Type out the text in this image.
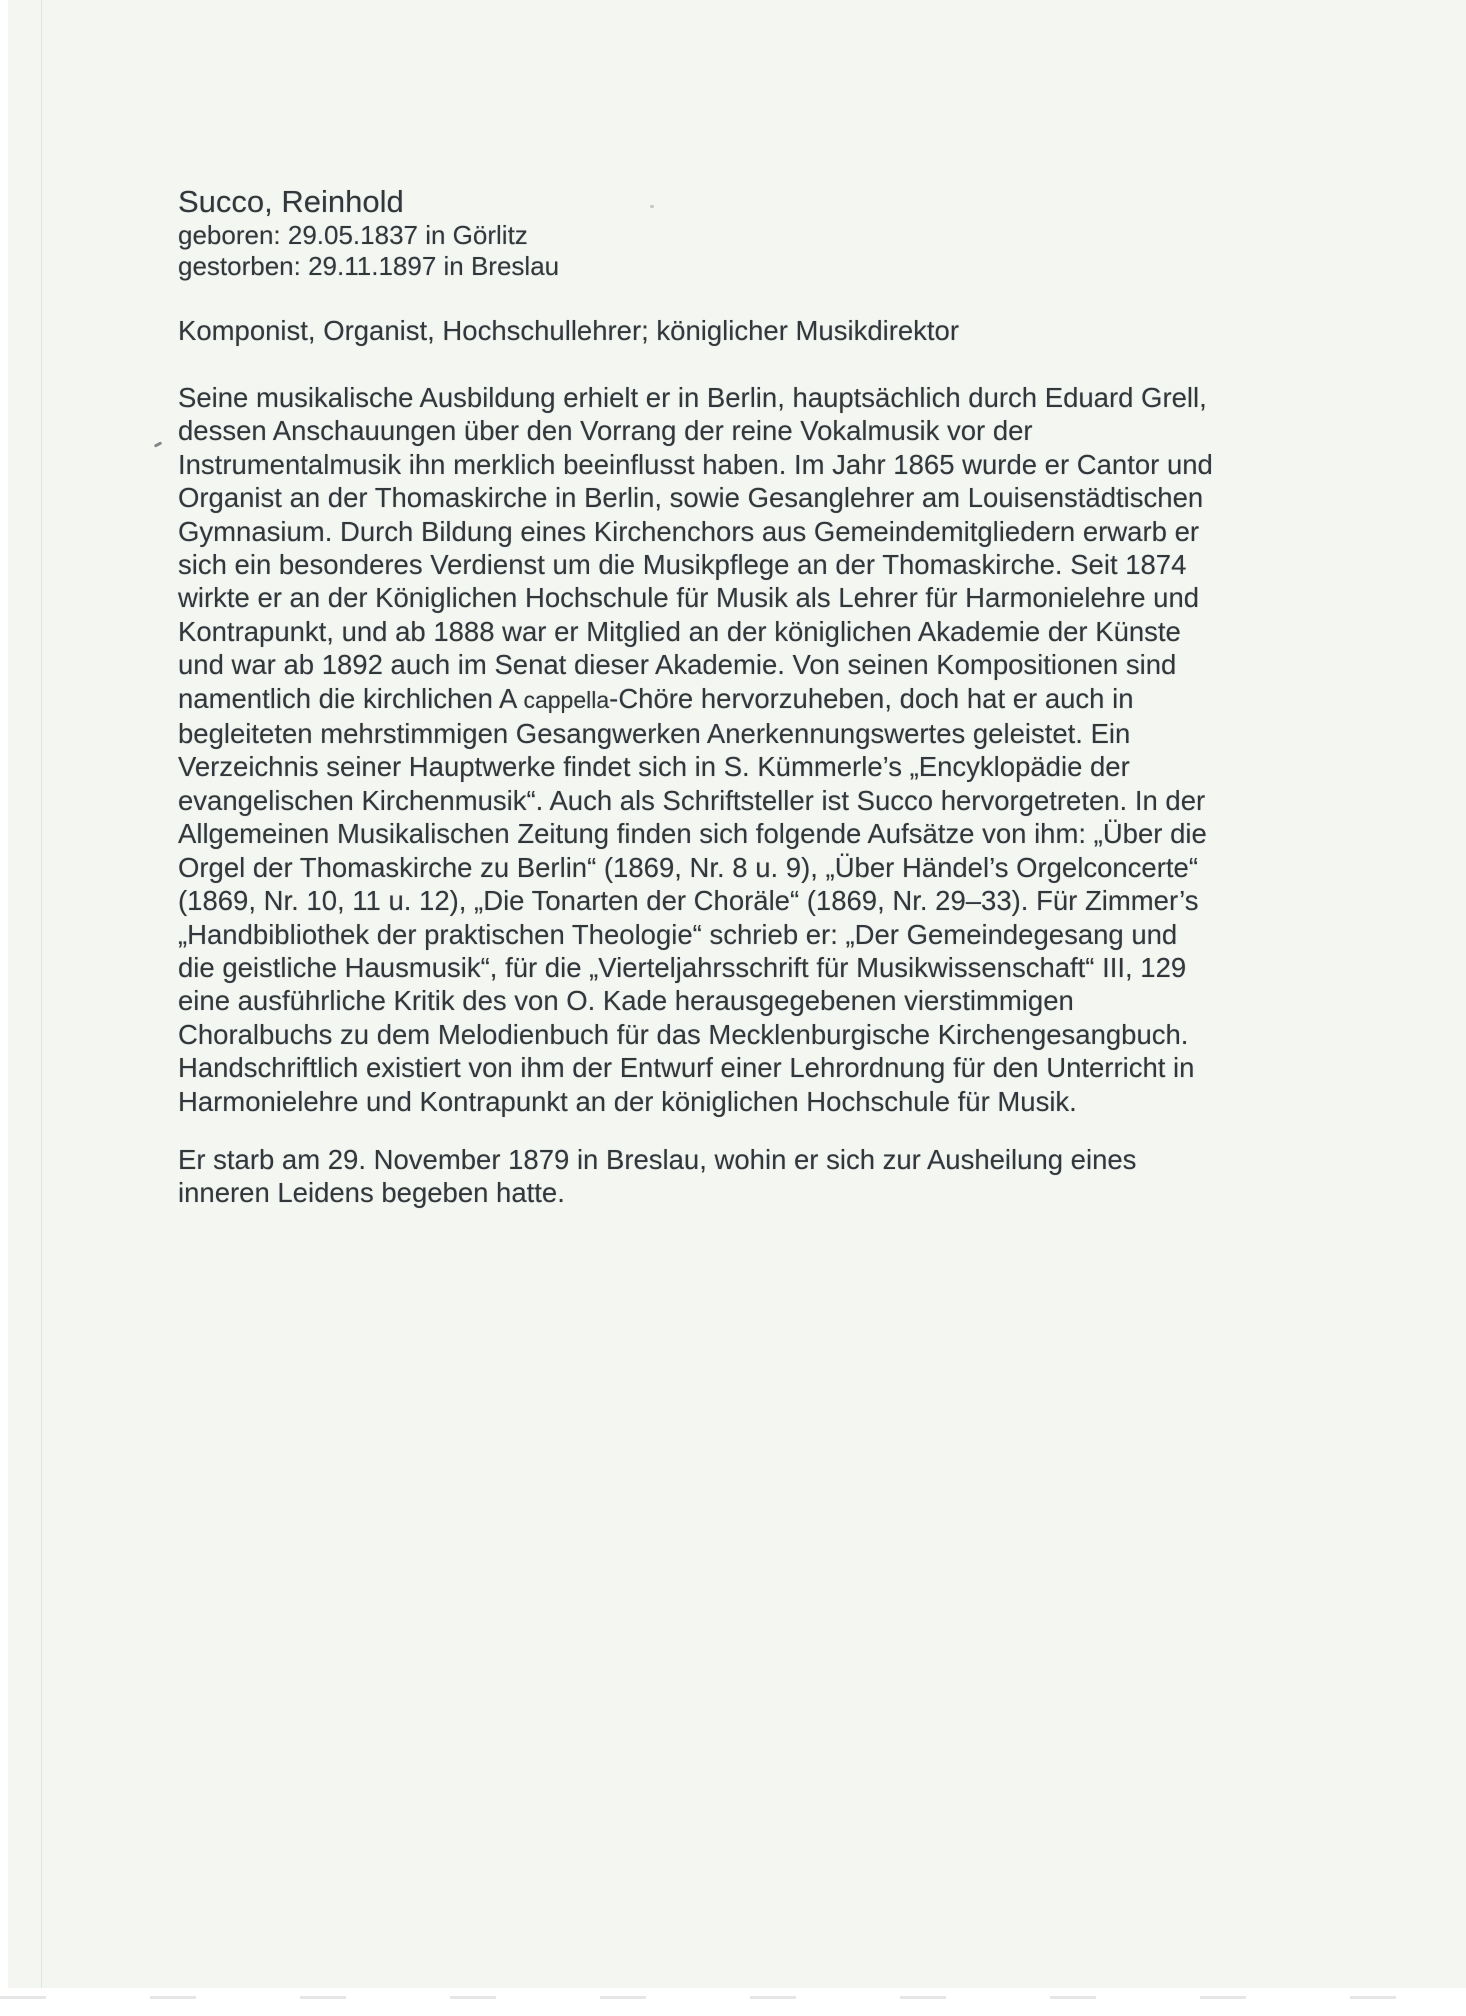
Succo, Reinhold
geboren: 29.05.1837 in Görlitz
gestorben: 29.11.1897 in Breslau
Komponist, Organist, Hochschullehrer; königlicher Musikdirektor
Seine musikalische Ausbildung erhielt er in Berlin, hauptsächlich durch Eduard Grell,
dessen Anschauungen über den Vorrang der reine Vokalmusik vor der
Instrumentalmusik ihn merklich beeinflusst haben. Im Jahr 1865 wurde er Cantor und
Organist an der Thomaskirche in Berlin, sowie Gesanglehrer am Louisenstädtischen
Gymnasium. Durch Bildung eines Kirchenchors aus Gemeindemitgliedern erwarb er
sich ein besonderes Verdienst um die Musikpflege an der Thomaskirche. Seit 1874
wirkte er an der Königlichen Hochschule für Musik als Lehrer für Harmonielehre und
Kontrapunkt, und ab 1888 war er Mitglied an der königlichen Akademie der Künste
und war ab 1892 auch im Senat dieser Akademie. Von seinen Kompositionen sind
namentlich die kirchlichen A cappella-Chöre hervorzuheben, doch hat er auch in
begleiteten mehrstimmigen Gesangwerken Anerkennungswertes geleistet. Ein
Verzeichnis seiner Hauptwerke findet sich in S. Kümmerle’s „Encyklopädie der
evangelischen Kirchenmusik“. Auch als Schriftsteller ist Succo hervorgetreten. In der
Allgemeinen Musikalischen Zeitung finden sich folgende Aufsätze von ihm: „Über die
Orgel der Thomaskirche zu Berlin“ (1869, Nr. 8 u. 9), „Über Händel’s Orgelconcerte“
(1869, Nr. 10, 11 u. 12), „Die Tonarten der Choräle“ (1869, Nr. 29–33). Für Zimmer’s
„Handbibliothek der praktischen Theologie“ schrieb er: „Der Gemeindegesang und
die geistliche Hausmusik“, für die „Vierteljahrsschrift für Musikwissenschaft“ III, 129
eine ausführliche Kritik des von O. Kade herausgegebenen vierstimmigen
Choralbuchs zu dem Melodienbuch für das Mecklenburgische Kirchengesangbuch.
Handschriftlich existiert von ihm der Entwurf einer Lehrordnung für den Unterricht in
Harmonielehre und Kontrapunkt an der königlichen Hochschule für Musik.
Er starb am 29. November 1879 in Breslau, wohin er sich zur Ausheilung eines
inneren Leidens begeben hatte.
